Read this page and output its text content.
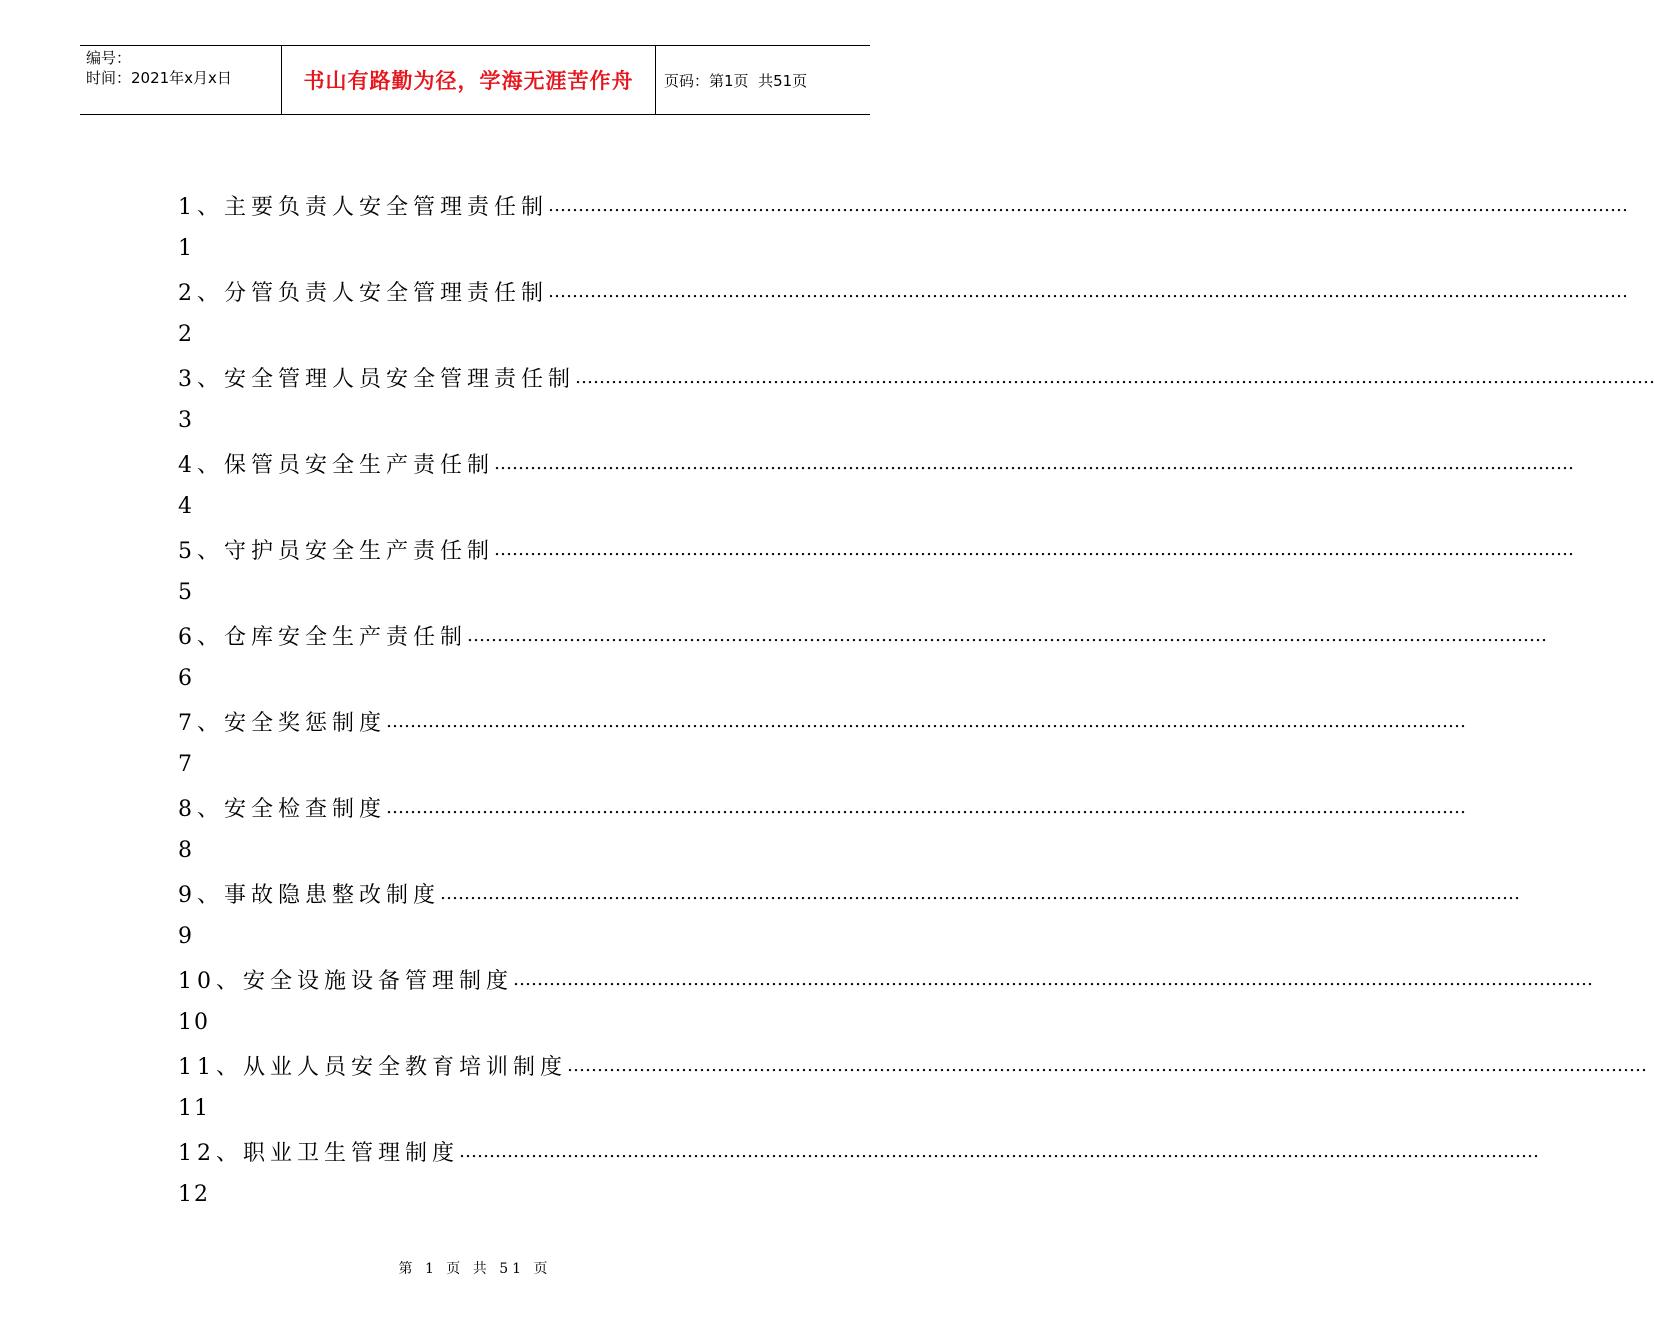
编号：
时间：2021年x月x日	书山有路勤为径，学海无涯苦作舟	页码：第1页  共51页
1、主要负责人安全管理责任制 ………………………………………………………………………………………………………………………………………………………………
1
2、分管负责人安全管理责任制 ………………………………………………………………………………………………………………………………………………………………
2
3、安全管理人员安全管理责任制 ………………………………………………………………………………………………………………………………………………………………
3
4、保管员安全生产责任制 ………………………………………………………………………………………………………………………………………………………………
4
5、守护员安全生产责任制 ………………………………………………………………………………………………………………………………………………………………
5
6、仓库安全生产责任制 ………………………………………………………………………………………………………………………………………………………………
6
7、安全奖惩制度 ………………………………………………………………………………………………………………………………………………………………
7
8、安全检查制度 ………………………………………………………………………………………………………………………………………………………………
8
9、事故隐患整改制度 ………………………………………………………………………………………………………………………………………………………………
9
10、安全设施设备管理制度 ………………………………………………………………………………………………………………………………………………………………
10
11、从业人员安全教育培训制度 ………………………………………………………………………………………………………………………………………………………………
11
12、职业卫生管理制度 ………………………………………………………………………………………………………………………………………………………………
12
第 1 页 共 51 页
